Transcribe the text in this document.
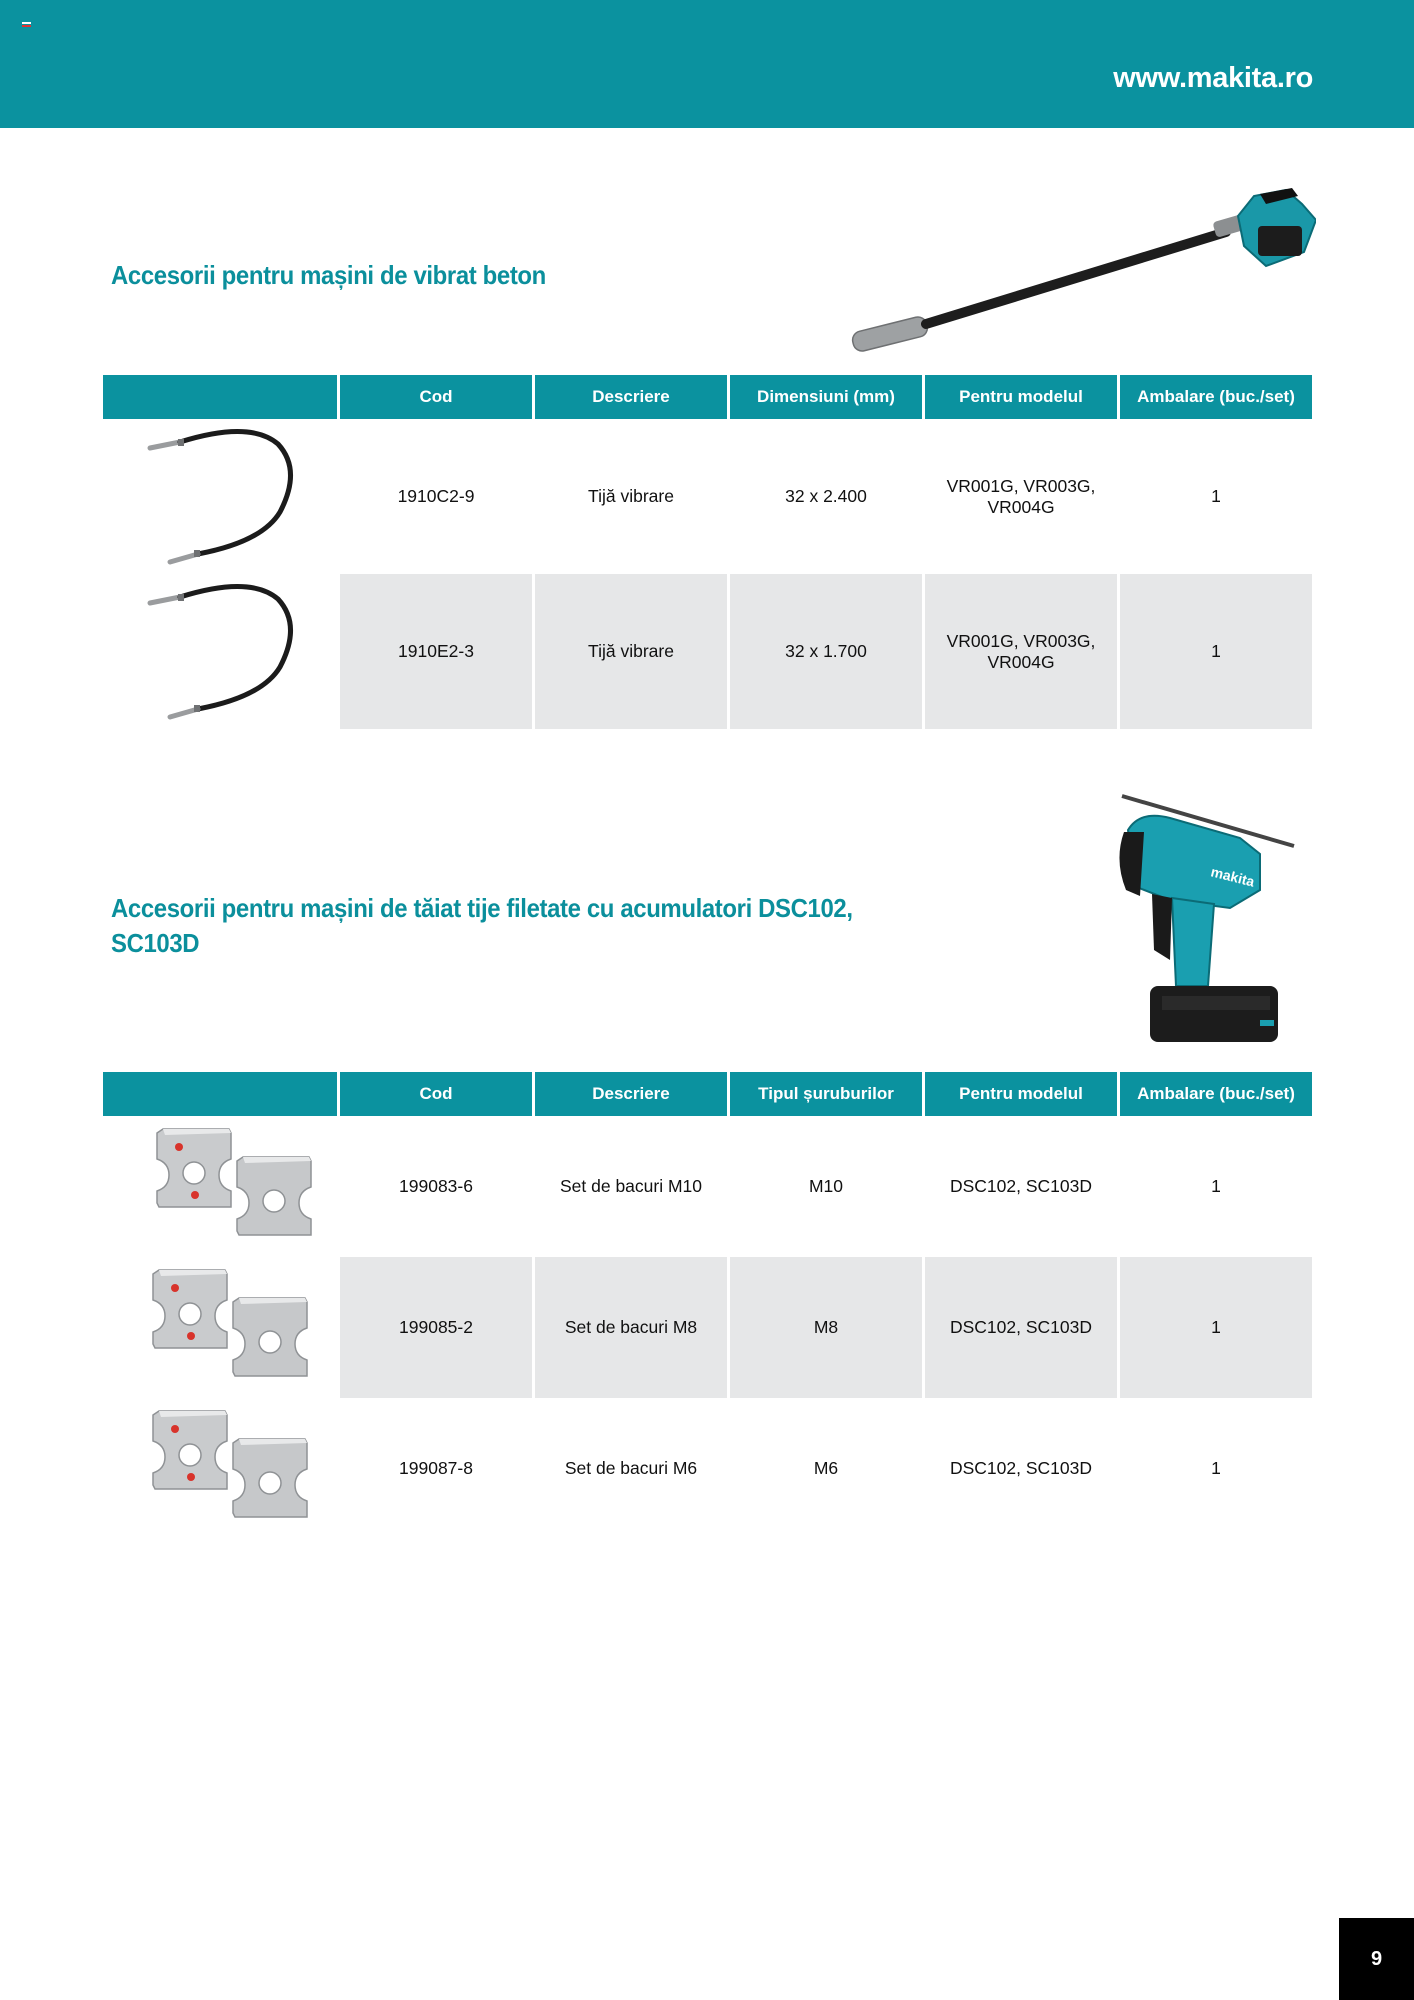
www.makita.ro
Accesorii pentru mașini de vibrat beton
	Cod	Descriere	Dimensiuni (mm)	Pentru modelul	Ambalare (buc./set)
	1910C2-9	Tijă vibrare	32 x 2.400	VR001G, VR003G, VR004G	1
	1910E2-3	Tijă vibrare	32 x 1.700	VR001G, VR003G, VR004G	1
Accesorii pentru mașini de tăiat tije filetate cu acumulatori DSC102, SC103D
makita
	Cod	Descriere	Tipul șuruburilor	Pentru modelul	Ambalare (buc./set)
	199083-6	Set de bacuri M10	M10	DSC102, SC103D	1
	199085-2	Set de bacuri M8	M8	DSC102, SC103D	1
	199087-8	Set de bacuri M6	M6	DSC102, SC103D	1
9
